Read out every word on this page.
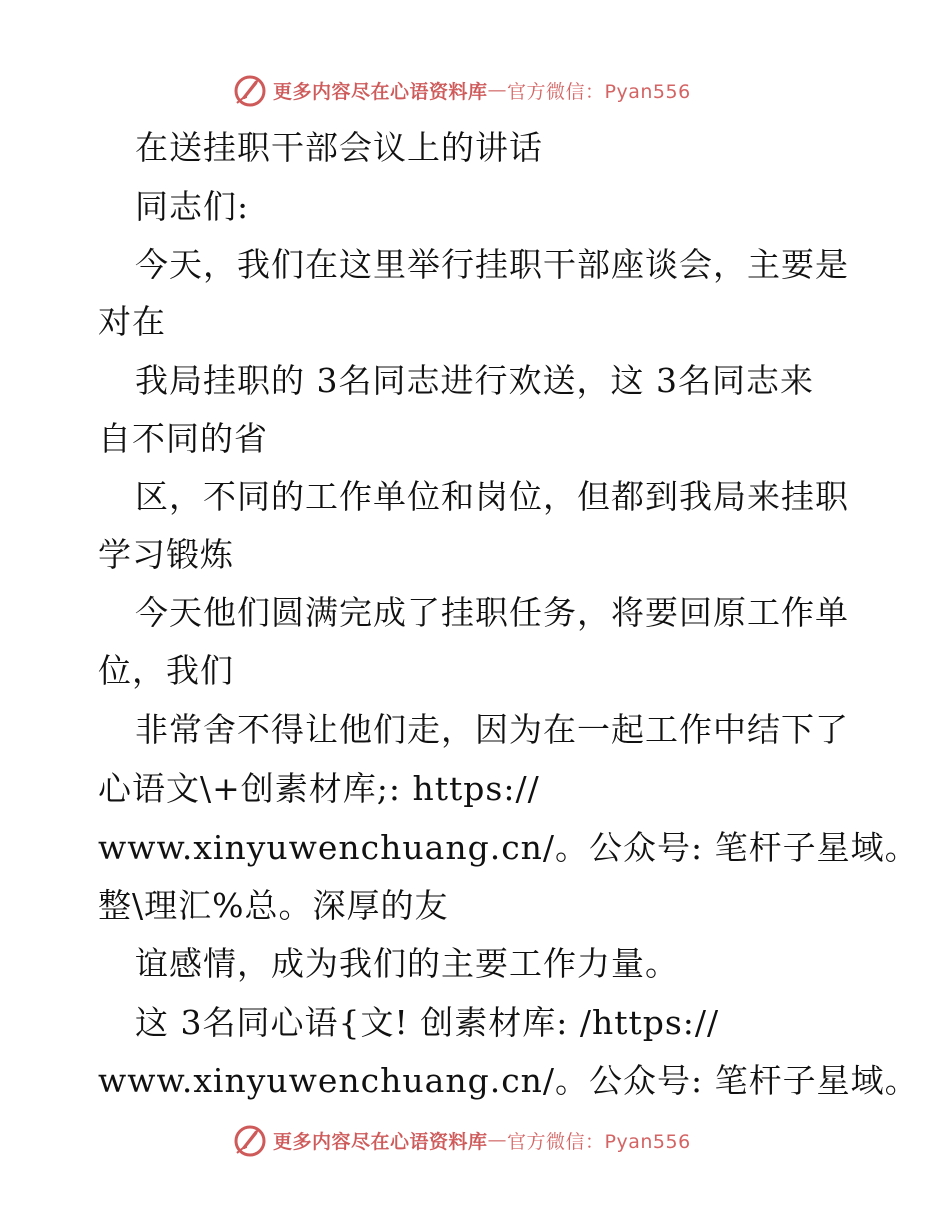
更多内容尽在心语资料库 — 官方微信：Pyan556
在送挂职干部会议上的讲话
同志们:
今天，我们在这里举行挂职干部座谈会，主要是
对在
我局挂职的 3名同志进行欢送，这 3名同志来
自不同的省
区，不同的工作单位和岗位，但都到我局来挂职
学习锻炼
今天他们圆满完成了挂职任务，将要回原工作单
位，我们
非常舍不得让他们走，因为在一起工作中结下了
心语文\+创素材库;: https://
www.xinyuwenchuang.cn/。公众号: 笔杆子星域。
整\理汇%总。深厚的友
谊感情，成为我们的主要工作力量。
这 3名同心语{文! 创素材库: /https://
www.xinyuwenchuang.cn/。公众号: 笔杆子星域。
更多内容尽在心语资料库 — 官方微信：Pyan556
